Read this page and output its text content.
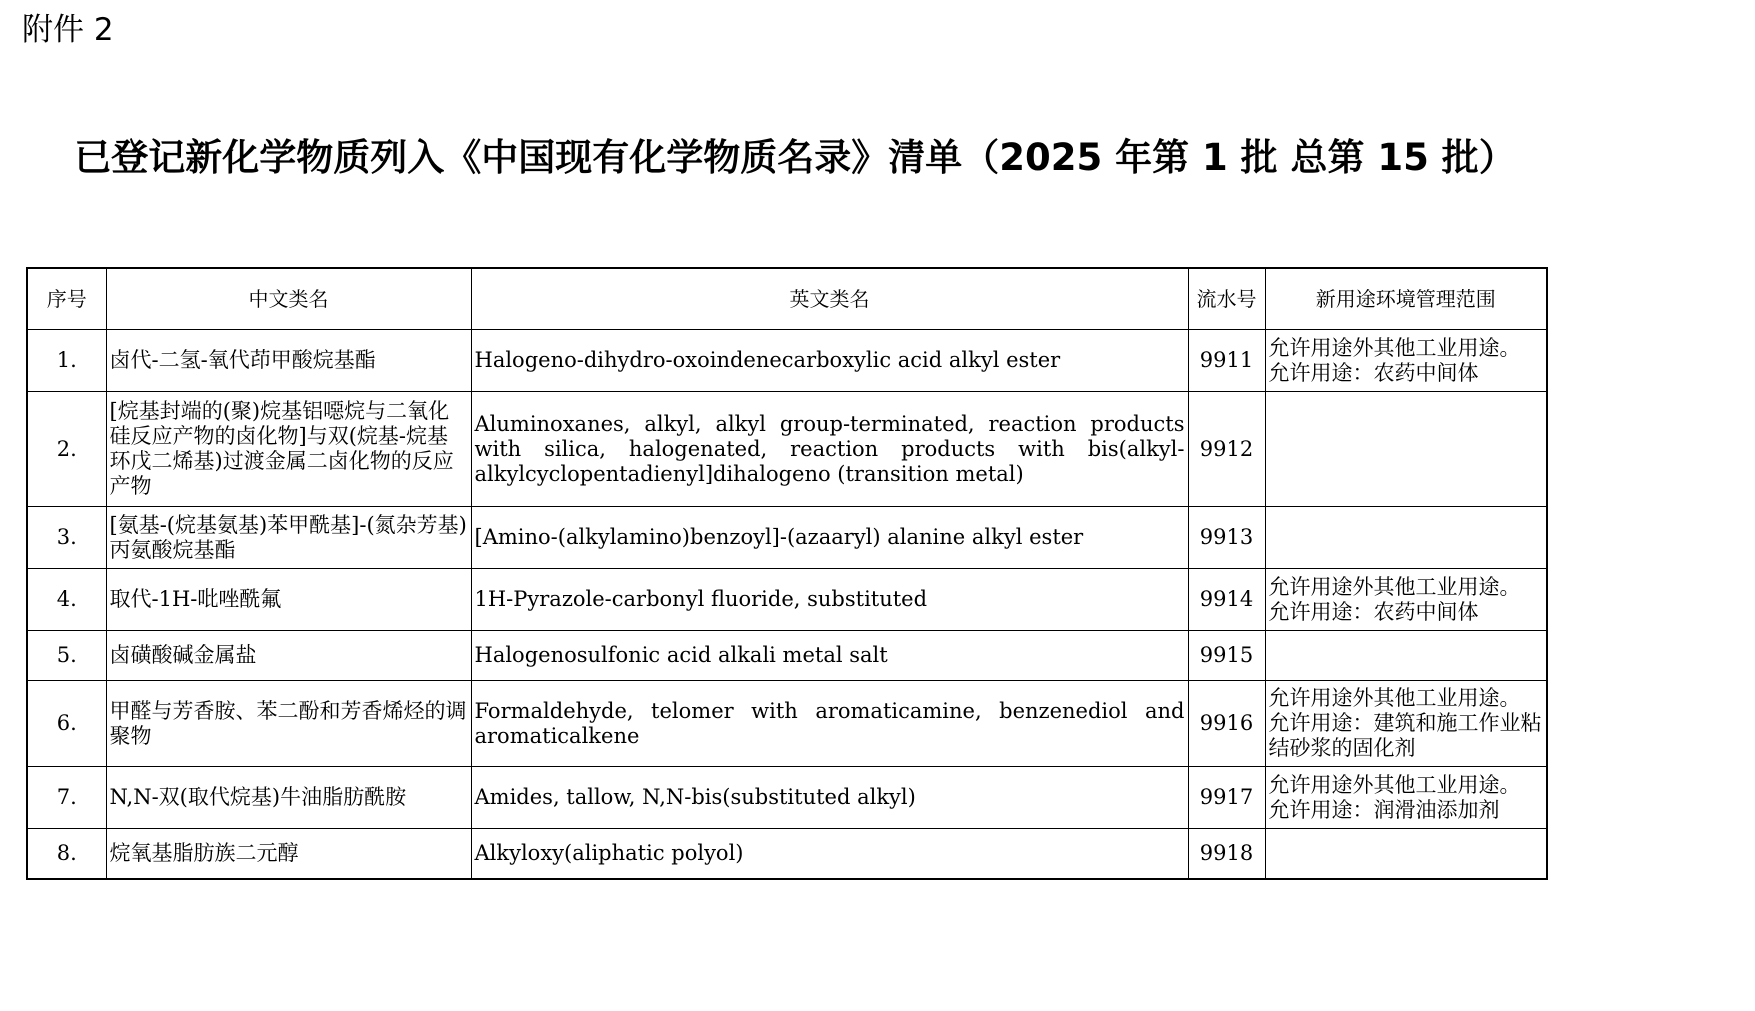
附件 2
已登记新化学物质列入《中国现有化学物质名录》清单（2025 年第 1 批 总第 15 批）
序号	中文类名	英文类名	流水号	新用途环境管理范围
1.	卤代-二氢-氧代茚甲酸烷基酯	Halogeno-dihydro-oxoindenecarboxylic acid alkyl ester	9911	允许用途外其他工业用途。
允许用途：农药中间体

2.	[烷基封端的(聚)烷基铝噁烷与二氧化硅反应产物的卤化物]与双(烷基-烷基环戊二烯基)过渡金属二卤化物的反应产物	Aluminoxanes, alkyl, alkyl group-terminated, reaction products with silica, halogenated, reaction products with bis(alkyl-alkylcyclopentadienyl]dihalogeno (transition metal)	9912	

3.	[氨基-(烷基氨基)苯甲酰基]-(氮杂芳基)丙氨酸烷基酯	[Amino-(alkylamino)benzoyl]-(azaaryl) alanine alkyl ester	9913	

4.	取代-1H-吡唑酰氟	1H-Pyrazole-carbonyl fluoride, substituted	9914	允许用途外其他工业用途。
允许用途：农药中间体

5.	卤磺酸碱金属盐	Halogenosulfonic acid alkali metal salt	9915	

6.	甲醛与芳香胺、苯二酚和芳香烯烃的调聚物	Formaldehyde, telomer with aromaticamine, benzenediol and aromaticalkene	9916	允许用途外其他工业用途。
允许用途：建筑和施工作业粘结砂浆的固化剂

7.	N,N-双(取代烷基)牛油脂肪酰胺	Amides, tallow, N,N-bis(substituted alkyl)	9917	允许用途外其他工业用途。
允许用途：润滑油添加剂

8.	烷氧基脂肪族二元醇	Alkyloxy(aliphatic polyol)	9918	
